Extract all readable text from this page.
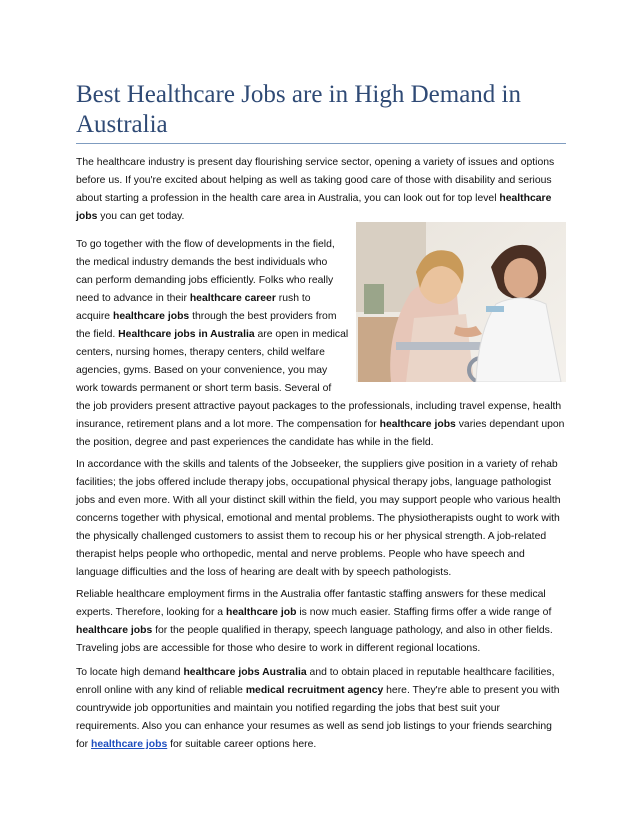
Best Healthcare Jobs are in High Demand in Australia

The healthcare industry is present day flourishing service sector, opening a variety of issues and options before us. If you're excited about helping as well as taking good care of those with disability and serious about starting a profession in the health care area in Australia, you can look out for top level healthcare jobs you can get today.

To go together with the flow of developments in the field,
the medical industry demands the best individuals who
can perform demanding jobs efficiently. Folks who really
need to advance in their healthcare career rush to
acquire healthcare jobs through the best providers from
the field. Healthcare jobs in Australia are open in medical
centers, nursing homes, therapy centers, child welfare
agencies, gyms. Based on your convenience, you may
work towards permanent or short term basis. Several of

the job providers present attractive payout packages to the professionals, including travel expense, health insurance, retirement plans and a lot more. The compensation for healthcare jobs varies dependant upon the position, degree and past experiences the candidate has while in the field.

In accordance with the skills and talents of the Jobseeker, the suppliers give position in a variety of rehab facilities; the jobs offered include therapy jobs, occupational physical therapy jobs, language pathologist jobs and even more. With all your distinct skill within the field, you may support people who various health concerns together with physical, emotional and mental problems. The physiotherapists ought to work with the physically challenged customers to assist them to recoup his or her physical strength. A job-related therapist helps people who orthopedic, mental and nerve problems. People who have speech and language difficulties and the loss of hearing are dealt with by speech pathologists.

Reliable healthcare employment firms in the Australia offer fantastic staffing answers for these medical experts. Therefore, looking for a healthcare job is now much easier. Staffing firms offer a wide range of healthcare jobs for the people qualified in therapy, speech language pathology, and also in other fields. Traveling jobs are accessible for those who desire to work in different regional locations.

To locate high demand healthcare jobs Australia and to obtain placed in reputable healthcare facilities, enroll online with any kind of reliable medical recruitment agency here. They're able to present you with countrywide job opportunities and maintain you notified regarding the jobs that best suit your requirements. Also you can enhance your resumes as well as send job listings to your friends searching for healthcare jobs for suitable career options here.
